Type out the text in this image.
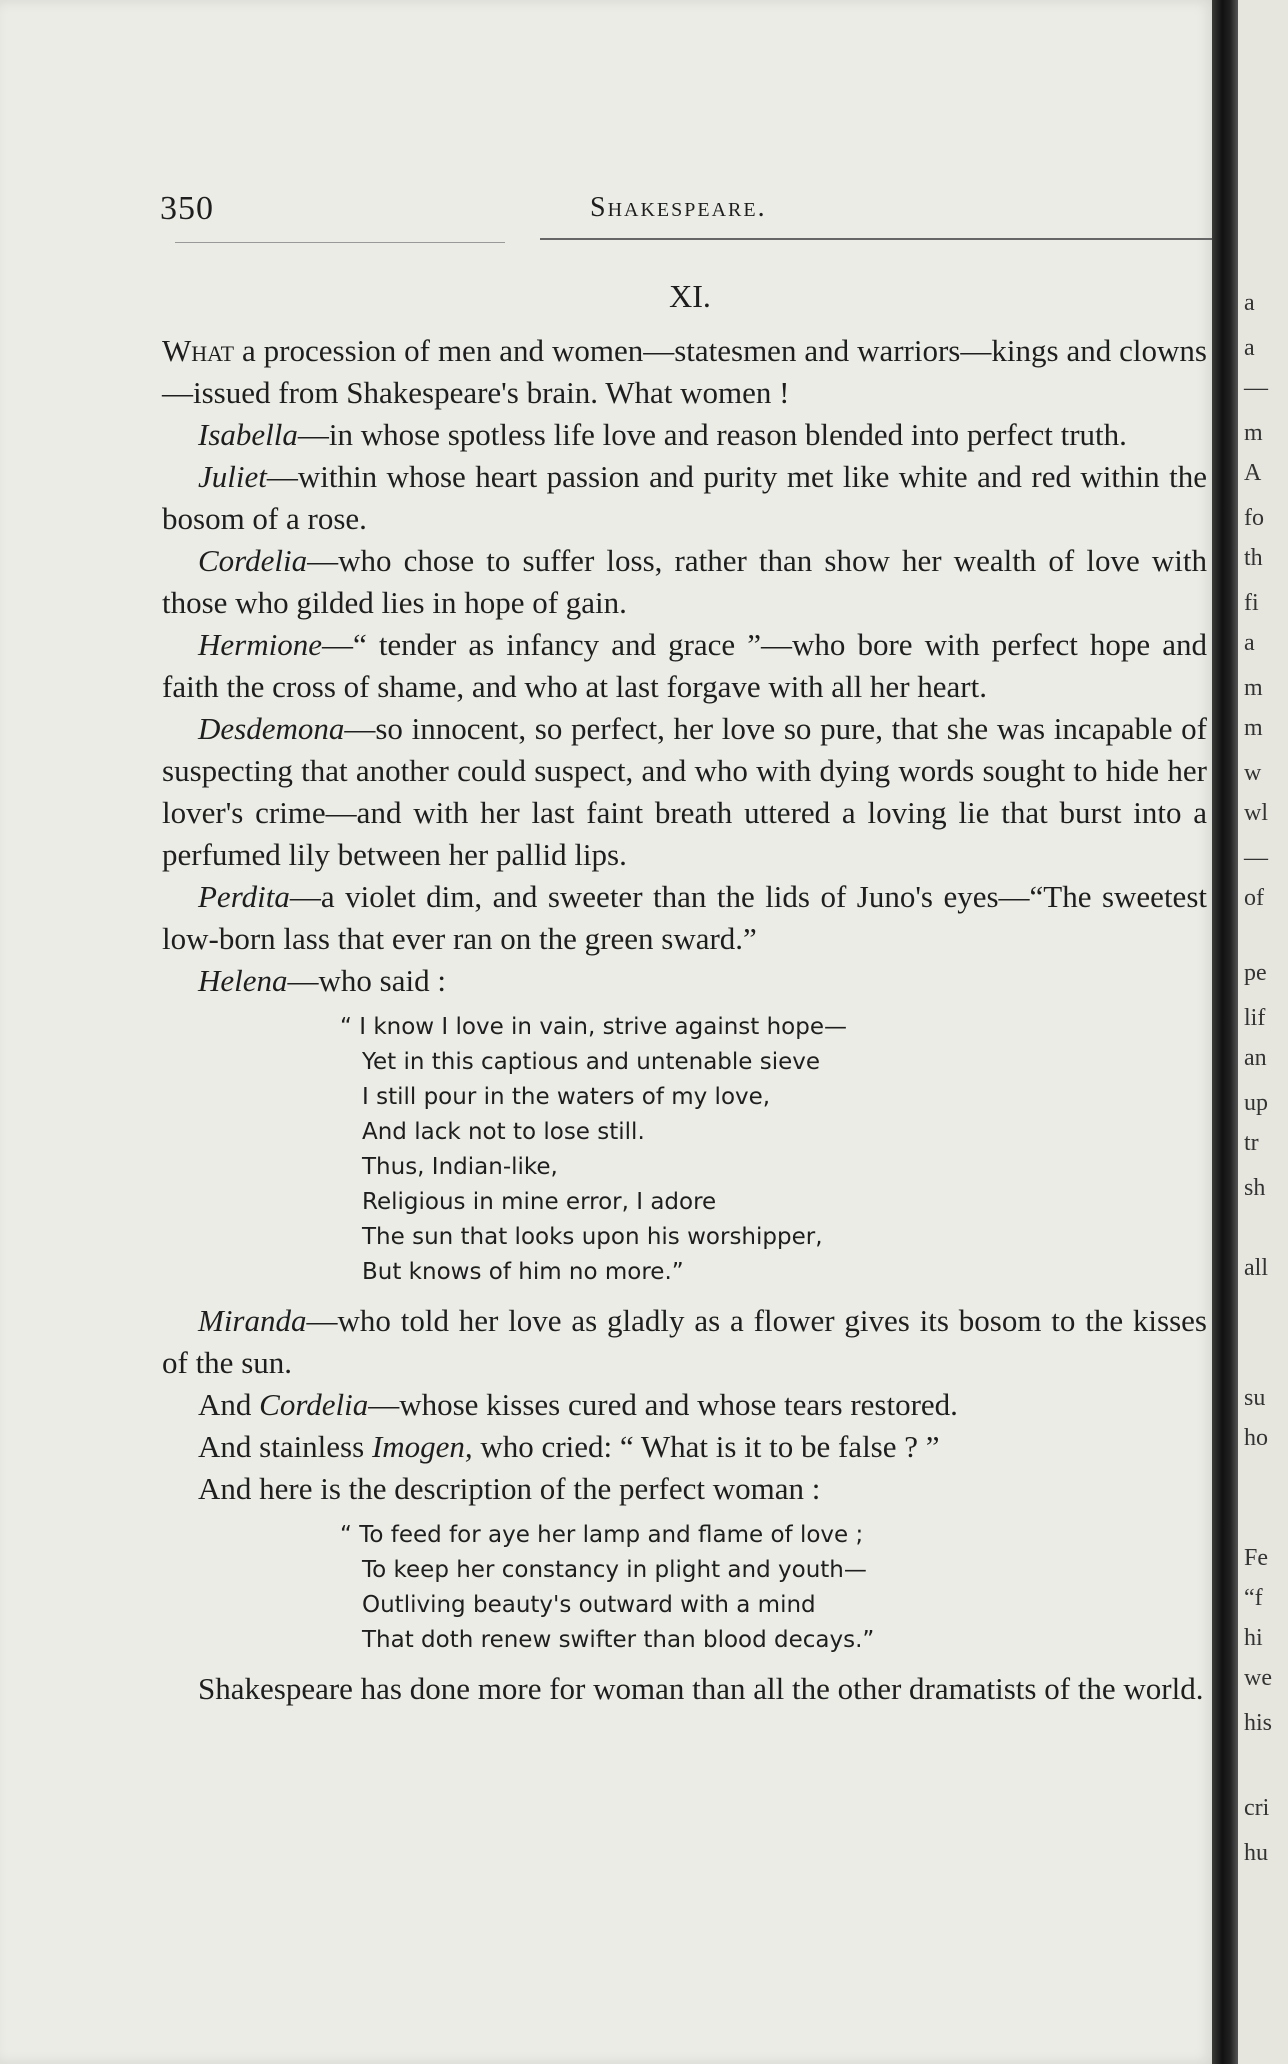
350	Shakespeare.
XI.

What a procession of men and women—statesmen and warriors—kings and clowns—issued from Shakespeare's brain. What women !

Isabella—in whose spotless life love and reason blended into perfect truth.

Juliet—within whose heart passion and purity met like white and red within the bosom of a rose.

Cordelia—who chose to suffer loss, rather than show her wealth of love with those who gilded lies in hope of gain.

Hermione—“ tender as infancy and grace ”—who bore with perfect hope and faith the cross of shame, and who at last forgave with all her heart.

Desdemona—so innocent, so perfect, her love so pure, that she was incapable of suspecting that another could suspect, and who with dying words sought to hide her lover's crime—and with her last faint breath uttered a loving lie that burst into a perfumed lily between her pallid lips.

Perdita—a violet dim, and sweeter than the lids of Juno's eyes—“The sweetest low-born lass that ever ran on the green sward.”

Helena—who said :

“ I know I love in vain, strive against hope—
Yet in this captious and untenable sieve
I still pour in the waters of my love,
And lack not to lose still.
Thus, Indian-like,
Religious in mine error, I adore
The sun that looks upon his worshipper,
But knows of him no more.”

Miranda—who told her love as gladly as a flower gives its bosom to the kisses of the sun.

And Cordelia—whose kisses cured and whose tears restored.

And stainless Imogen, who cried: “ What is it to be false ? ”

And here is the description of the perfect woman :

“ To feed for aye her lamp and flame of love ;
To keep her constancy in plight and youth—
Outliving beauty's outward with a mind
That doth renew swifter than blood decays.”

Shakespeare has done more for woman than all the other dramatists of the world.

a
a
—
m
A
fo
th
fi
a
m
m
w
wl
—
of
pe
lif
an
up
tr
sh
all
su
ho
Fe
“f
hi
we
his
cri
hu
